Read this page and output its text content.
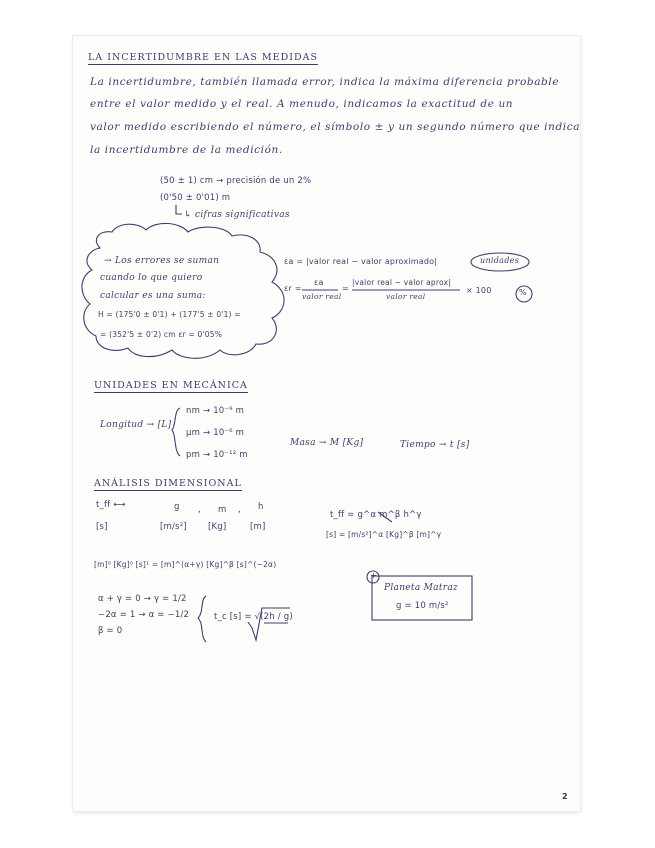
LA INCERTIDUMBRE EN LAS MEDIDAS
La incertidumbre, también llamada error, indica la máxima diferencia probable
entre el valor medido y el real. A menudo, indicamos la exactitud de un
valor medido escribiendo el número, el símbolo ± y un segundo número que indica
la incertidumbre de la medición.
(50 ± 1) cm → precisión de un 2%
(0'50 ± 0'01) m
↳ cifras significativas
→ Los errores se suman
cuando lo que quiero
calcular es una suma:
H = (175'0 ± 0'1) + (177'5 ± 0'1) =
= (352'5 ± 0'2) cm εr = 0'05%
εa = |valor real − valor aproximado|	unidades
εr =
εa
valor real
=
|valor real − valor aprox|
valor real
× 100	%
UNIDADES EN MECÁNICA
Longitud → [L]
nm → 10⁻⁹ m
μm → 10⁻⁶ m
pm → 10⁻¹² m
Masa → M [Kg]	Tiempo → t [s]
ANÁLISIS DIMENSIONAL
t_ff ⟷	g , m , h
[s]	[m/s²] [Kg]	[m]
t_ff = g^α m^β h^γ
[s] = [m/s²]^α [Kg]^β [m]^γ
[m]⁰ [Kg]⁰ [s]¹ = [m]^(α+γ) [Kg]^β [s]^(−2α)
α + γ = 0 → γ = 1/2
−2α = 1 → α = −1/2
β = 0
t_c [s] = √(2h / g)
+
Planeta Matraz
g = 10 m/s²
2
